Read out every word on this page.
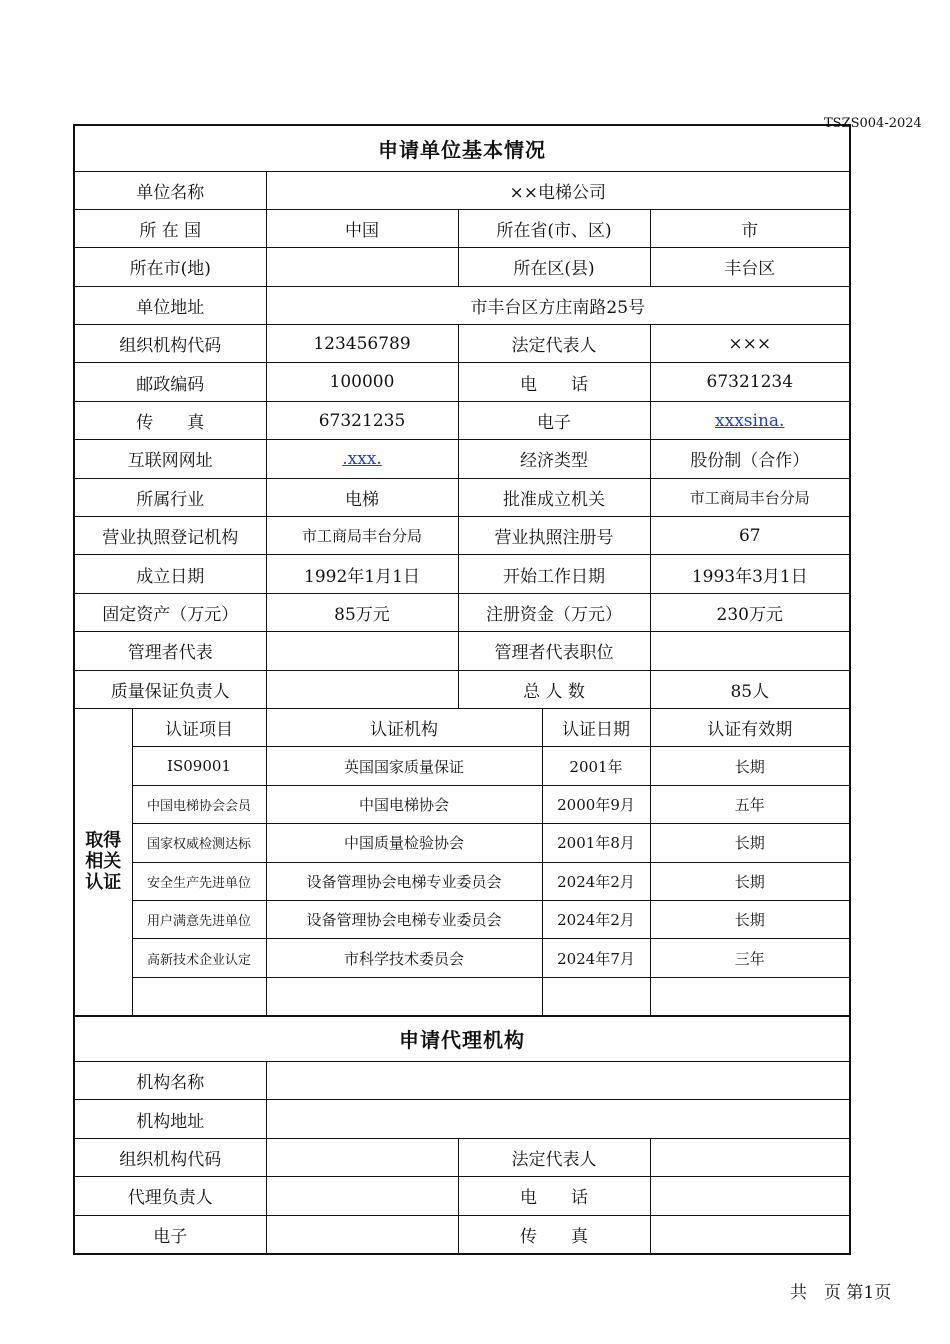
TSZS004-2024
申请单位基本情况					
单位名称		××电梯公司			
所 在 国		中国	所在省(市、区)		市
所在市(地)			所在区(县)		丰台区
单位地址		市丰台区方庄南路25号			
组织机构代码		123456789	法定代表人		×××
邮政编码		100000	电　　话		67321234
传　　真		67321235	电子		xxxsina.
互联网网址		.xxx.	经济类型		股份制（合作）
所属行业		电梯	批准成立机关		市工商局丰台分局
营业执照登记机构		市工商局丰台分局	营业执照注册号		67
成立日期		1992年1月1日	开始工作日期		1993年3月1日
固定资产（万元）		85万元	注册资金（万元）		230万元
管理者代表			管理者代表职位		
质量保证负责人			总 人 数		85人
取得相关认证	认证项目	认证机构		认证日期	认证有效期
	IS09001	英国国家质量保证		2001年	长期
	中国电梯协会会员	中国电梯协会		2000年9月	五年
	国家权威检测达标	中国质量检验协会		2001年8月	长期
	安全生产先进单位	设备管理协会电梯专业委员会		2024年2月	长期
	用户满意先进单位	设备管理协会电梯专业委员会		2024年2月	长期
	高新技术企业认定	市科学技术委员会		2024年7月	三年

申请代理机构					
机构名称					
机构地址					
组织机构代码			法定代表人		
代理负责人			电　　话		
电子			传　　真		
共　页 第1页
